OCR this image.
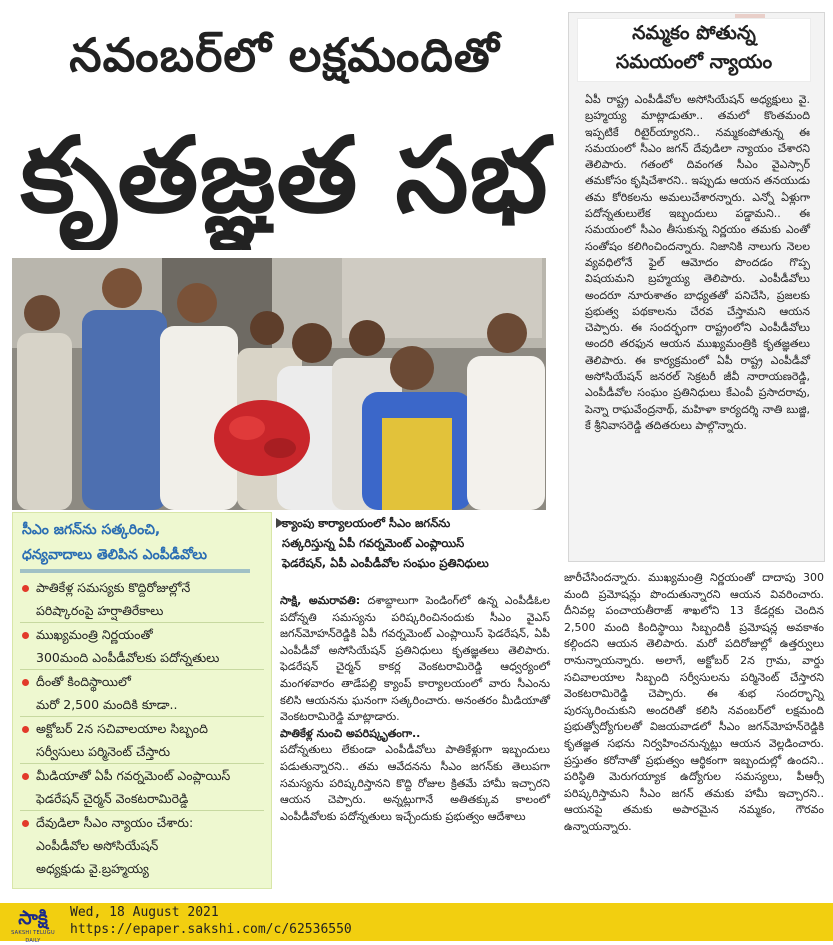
నవంబర్‌లో లక్షమందితో
కృతజ్ఞత సభ
నమ్మకం పోతున్న
సమయంలో న్యాయం

ఏపీ రాష్ట్ర ఎంపీడీవోల అసోసియేషన్ అధ్యక్షులు వై. బ్రహ్మయ్య మాట్లాడుతూ.. తమలో కొంతమంది ఇప్పటికే రిటైర్‌య్యారని.. నమ్మకంపోతున్న ఈ సమయంలో సీఎం జగన్ దేవుడిలా న్యాయం చేశారని తెలిపారు. గతంలో దివంగత సీఎం వైఎస్సార్ తమకోసం కృషిచేశారని.. ఇప్పుడు ఆయన తనయుడు తమ కోరికలను అమలుచేశారన్నారు. ఎన్నో ఏళ్లుగా పదోన్నతులులేక ఇబ్బందులు పడ్డామని.. ఈ సమయంలో సీఎం తీసుకున్న నిర్ణయం తమకు ఎంతో సంతోషం కలిగించిందన్నారు. నిజానికి నాలుగు నెలల వ్యవధిలోనే ఫైల్ ఆమోదం పొందడం గొప్ప విషయమని బ్రహ్మయ్య తెలిపారు. ఎంపీడీవోలు అందరూ నూరుశాతం బాధ్యతతో పనిచేసి, ప్రజలకు ప్రభుత్వ పథకాలను చేరవ చేస్తామని ఆయన చెప్పారు. ఈ సందర్భంగా రాష్ట్రంలోని ఎంపీడీవోలు అందరి తరఫున ఆయన ముఖ్యమంత్రికి కృతజ్ఞతలు తెలిపారు. ఈ కార్యక్రమంలో ఏపీ రాష్ట్ర ఎంపీడీవో అసోసియేషన్ జనరల్ సెక్రటరీ జీవీ నారాయణరెడ్డి, ఎంపీడీవోల సంఘం ప్రతినిధులు కేఎంవీ ప్రసాదరావు, పెన్నా రాఘవేంద్రనాథ్, మహిళా కార్యదర్శి నాతి బుజ్జి, కే శ్రీనివాసరెడ్డి తదితరులు పాల్గొన్నారు.

సీఎం జగన్‌ను సత్కరించి,
ధన్యవాదాలు తెలిపిన ఎంపీడీవోలు
పాతికేళ్ల సమస్యకు కొద్దిరోజుల్లోనే
పరిష్కారంపై హర్షాతిరేకాలు
ముఖ్యమంత్రి నిర్ణయంతో
300మంది ఎంపీడీవోలకు పదోన్నతులు
దీంతో కిందిస్థాయిలో
మరో 2,500 మందికి కూడా..
అక్టోబర్ 2న సచివాలయాల సిబ్బంది
సర్వీసులు పర్మినెంట్ చేస్తారు
మీడియాతో ఏపీ గవర్నమెంట్ ఎంప్లాయిస్
ఫెడరేషన్ చైర్మన్ వెంకటరామిరెడ్డి
దేవుడిలా సీఎం న్యాయం చేశారు:
ఎంపీడీవోల అసోసియేషన్
అధ్యక్షుడు వై.బ్రహ్మయ్య
క్యాంపు కార్యాలయంలో సీఎం జగన్‌ను
సత్కరిస్తున్న ఏపీ గవర్నమెంట్ ఎంప్లాయిస్
ఫెడరేషన్, ఏపీ ఎంపీడీవోల సంఘం ప్రతినిధులు

సాక్షి, అమరావతి: దశాబ్దాలుగా పెండింగ్‌లో ఉన్న ఎంపీడీఓల పదోన్నతి సమస్యను పరిష్కరించినందుకు సీఎం వైఎస్ జగన్‌మోహన్‌రెడ్డికి ఏపీ గవర్నమెంట్ ఎంప్లాయిస్ ఫెడరేషన్, ఏపీ ఎంపీడీవో అసోసియేషన్ ప్రతినిధులు కృతజ్ఞతలు తెలిపారు. ఫెడరేషన్ చైర్మన్ కాకర్ల వెంకటరామిరెడ్డి ఆధ్వర్యంలో మంగళవారం తాడేపల్లి క్యాంప్ కార్యాలయంలో వారు సీఎంను కలిసి ఆయనను ఘనంగా సత్కరించారు. అనంతరం మీడియాతో వెంకటరామిరెడ్డి మాట్లాడారు.

పాతికేళ్ల నుంచి అపరిష్కృతంగా..

పదోన్నతులు లేకుండా ఎంపీడీవోలు పాతికేళ్లుగా ఇబ్బందులు పడుతున్నారని.. తమ ఆవేదనను సీఎం జగన్‌కు తెలుపగా సమస్యను పరిష్కరిస్తానని కొద్ది రోజుల క్రితమే హామీ ఇచ్చారని ఆయన చెప్పారు. అన్నట్లుగానే అతితక్కువ కాలంలో ఎంపీడీవోలకు పదోన్నతులు ఇచ్చేందుకు ప్రభుత్వం ఆదేశాలు

జారీచేసిందన్నారు. ముఖ్యమంత్రి నిర్ణయంతో దాదాపు 300 మంది ప్రమోషన్లు పొందుతున్నారని ఆయన వివరించారు. దీనివల్ల పంచాయతీరాజ్ శాఖలోని 13 కేడర్లకు చెందిన 2,500 మంది కిందిస్థాయి సిబ్బందికీ ప్రమోషన్ల అవకాశం కల్గిందని ఆయన తెలిపారు. మరో పదిరోజుల్లో ఉత్తర్వులు రానున్నాయన్నారు. అలాగే, అక్టోబర్ 2న గ్రామ, వార్డు సచివాలయాల సిబ్బంది సర్వీసులను పర్మినెంట్ చేస్తారని వెంకటరామిరెడ్డి చెప్పారు. ఈ శుభ సందర్భాన్ని పురస్కరించుకుని అందరితో కలిసి నవంబర్‌లో లక్షమంది ప్రభుత్వోద్యోగులతో విజయవాడలో సీఎం జగన్‌మోహన్‌రెడ్డికి కృతజ్ఞత సభను నిర్వహించనున్నట్లు ఆయన వెల్లడించారు. ప్రస్తుతం కరోనాతో ప్రభుత్వం ఆర్థికంగా ఇబ్బందుల్లో ఉందని.. పరిస్థితి మెరుగయ్యాక ఉద్యోగుల సమస్యలు, పీఆర్సీ పరిష్కరిస్తామని సీఎం జగన్ తమకు హామీ ఇచ్చారని.. ఆయనపై తమకు అపారమైన నమ్మకం, గౌరవం ఉన్నాయన్నారు.

సాక్షి
SAKSHI TELUGU DAILY
Wed, 18 August 2021
https://epaper.sakshi.com/c/62536550
